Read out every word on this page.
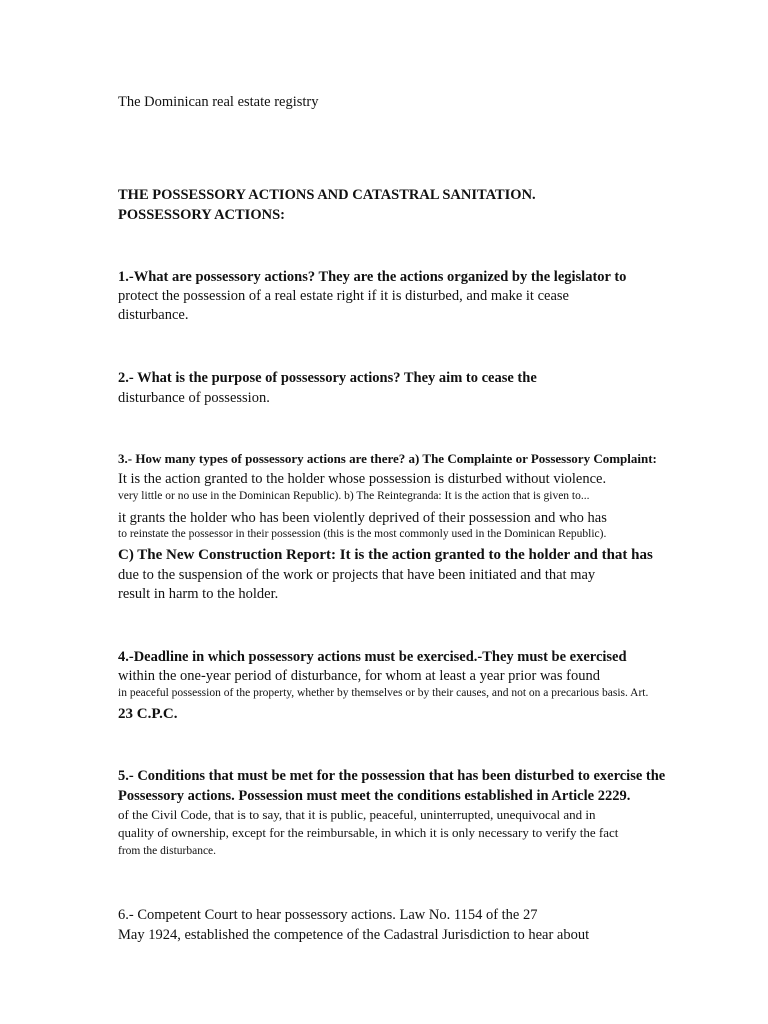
The Dominican real estate registry
THE POSSESSORY ACTIONS AND CATASTRAL SANITATION.
POSSESSORY ACTIONS:
1.-What are possessory actions? They are the actions organized by the legislator to
protect the possession of a real estate right if it is disturbed, and make it cease
disturbance.
2.- What is the purpose of possessory actions? They aim to cease the
disturbance of possession.
3.- How many types of possessory actions are there? a) The Complainte or Possessory Complaint:
It is the action granted to the holder whose possession is disturbed without violence.
very little or no use in the Dominican Republic). b) The Reintegranda: It is the action that is given to...
it grants the holder who has been violently deprived of their possession and who has
to reinstate the possessor in their possession (this is the most commonly used in the Dominican Republic).
C) The New Construction Report: It is the action granted to the holder and that has
due to the suspension of the work or projects that have been initiated and that may
result in harm to the holder.
4.-Deadline in which possessory actions must be exercised.-They must be exercised
within the one-year period of disturbance, for whom at least a year prior was found
in peaceful possession of the property, whether by themselves or by their causes, and not on a precarious basis. Art.
23 C.P.C.
5.- Conditions that must be met for the possession that has been disturbed to exercise the
Possessory actions. Possession must meet the conditions established in Article 2229.
of the Civil Code, that is to say, that it is public, peaceful, uninterrupted, unequivocal and in
quality of ownership, except for the reimbursable, in which it is only necessary to verify the fact
from the disturbance.
6.- Competent Court to hear possessory actions. Law No. 1154 of the 27
May 1924, established the competence of the Cadastral Jurisdiction to hear about
